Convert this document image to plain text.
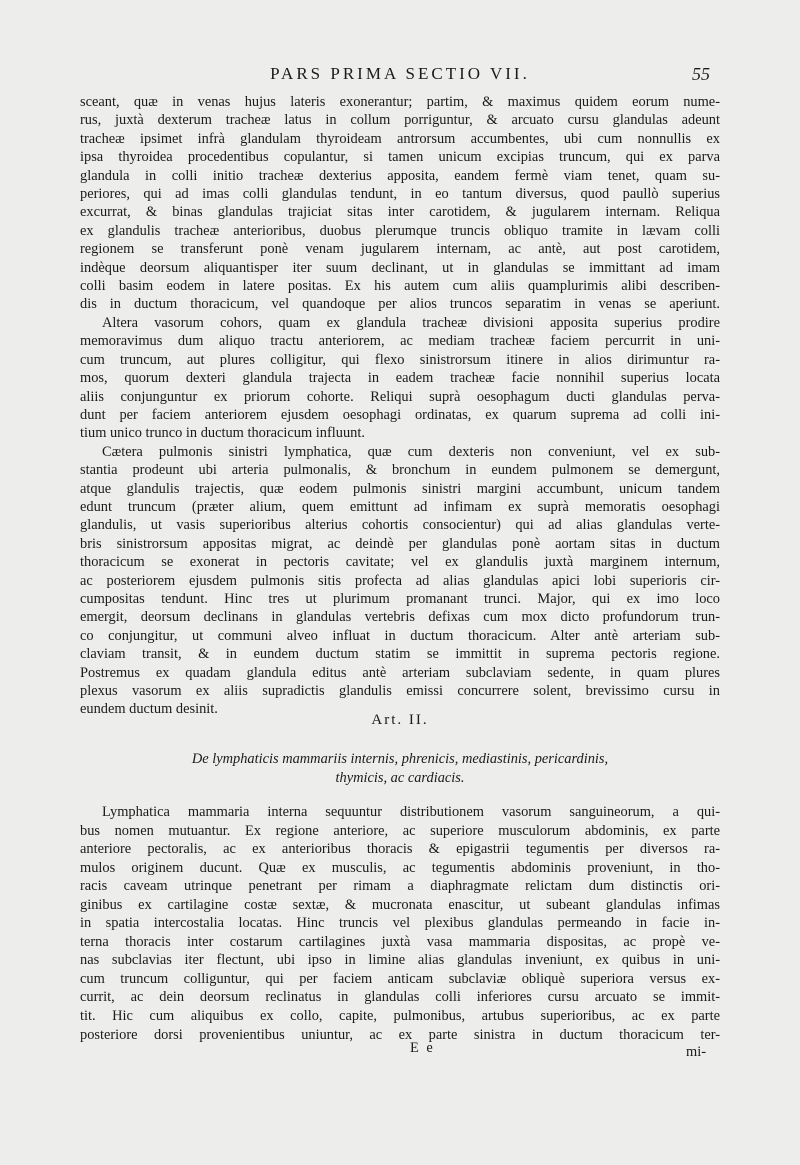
PARS PRIMA SECTIO VII.	55
sceant, quæ in venas hujus lateris exonerantur; partim, & maximus quidem eorum nume-
rus, juxtà dexterum tracheæ latus in collum porriguntur, & arcuato cursu glandulas adeunt
tracheæ ipsimet infrà glandulam thyroideam antrorsum accumbentes, ubi cum nonnullis ex
ipsa thyroidea procedentibus copulantur, si tamen unicum excipias truncum, qui ex parva
glandula in colli initio tracheæ dexterius apposita, eandem fermè viam tenet, quam su-
periores, qui ad imas colli glandulas tendunt, in eo tantum diversus, quod paullò superius
excurrat, & binas glandulas trajiciat sitas inter carotidem, & jugularem internam. Reliqua
ex glandulis tracheæ anterioribus, duobus plerumque truncis obliquo tramite in lævam colli
regionem se transferunt ponè venam jugularem internam, ac antè, aut post carotidem,
indèque deorsum aliquantisper iter suum declinant, ut in glandulas se immittant ad imam
colli basim eodem in latere positas. Ex his autem cum aliis quamplurimis alibi describen-
dis in ductum thoracicum, vel quandoque per alios truncos separatim in venas se aperiunt.
Altera vasorum cohors, quam ex glandula tracheæ divisioni apposita superius prodire
memoravimus dum aliquo tractu anteriorem, ac mediam tracheæ faciem percurrit in uni-
cum truncum, aut plures colligitur, qui flexo sinistrorsum itinere in alios dirimuntur ra-
mos, quorum dexteri glandula trajecta in eadem tracheæ facie nonnihil superius locata
aliis conjunguntur ex priorum cohorte. Reliqui suprà oesophagum ducti glandulas perva-
dunt per faciem anteriorem ejusdem oesophagi ordinatas, ex quarum suprema ad colli ini-
tium unico trunco in ductum thoracicum influunt.
Cætera pulmonis sinistri lymphatica, quæ cum dexteris non conveniunt, vel ex sub-
stantia prodeunt ubi arteria pulmonalis, & bronchum in eundem pulmonem se demergunt,
atque glandulis trajectis, quæ eodem pulmonis sinistri margini accumbunt, unicum tandem
edunt truncum (præter alium, quem emittunt ad infimam ex suprà memoratis oesophagi
glandulis, ut vasis superioribus alterius cohortis consocientur) qui ad alias glandulas verte-
bris sinistrorsum appositas migrat, ac deindè per glandulas ponè aortam sitas in ductum
thoracicum se exonerat in pectoris cavitate; vel ex glandulis juxtà marginem internum,
ac posteriorem ejusdem pulmonis sitis profecta ad alias glandulas apici lobi superioris cir-
cumpositas tendunt. Hinc tres ut plurimum promanant trunci. Major, qui ex imo loco
emergit, deorsum declinans in glandulas vertebris defixas cum mox dicto profundorum trun-
co conjungitur, ut communi alveo influat in ductum thoracicum. Alter antè arteriam sub-
claviam transit, & in eundem ductum statim se immittit in suprema pectoris regione.
Postremus ex quadam glandula editus antè arteriam subclaviam sedente, in quam plures
plexus vasorum ex aliis supradictis glandulis emissi concurrere solent, brevissimo cursu in
eundem ductum desinit.
Art. II.
De lymphaticis mammariis internis, phrenicis, mediastinis, pericardinis,
thymicis, ac cardiacis.
Lymphatica mammaria interna sequuntur distributionem vasorum sanguineorum, a qui-
bus nomen mutuantur. Ex regione anteriore, ac superiore musculorum abdominis, ex parte
anteriore pectoralis, ac ex anterioribus thoracis & epigastrii tegumentis per diversos ra-
mulos originem ducunt. Quæ ex musculis, ac tegumentis abdominis proveniunt, in tho-
racis caveam utrinque penetrant per rimam a diaphragmate relictam dum distinctis ori-
ginibus ex cartilagine costæ sextæ, & mucronata enascitur, ut subeant glandulas infimas
in spatia intercostalia locatas. Hinc truncis vel plexibus glandulas permeando in facie in-
terna thoracis inter costarum cartilagines juxtà vasa mammaria dispositas, ac propè ve-
nas subclavias iter flectunt, ubi ipso in limine alias glandulas inveniunt, ex quibus in uni-
cum truncum colliguntur, qui per faciem anticam subclaviæ obliquè superiora versus ex-
currit, ac dein deorsum reclinatus in glandulas colli inferiores cursu arcuato se immit-
tit. Hic cum aliquibus ex collo, capite, pulmonibus, artubus superioribus, ac ex parte
posteriore dorsi provenientibus uniuntur, ac ex parte sinistra in ductum thoracicum ter-
E e	mi-
